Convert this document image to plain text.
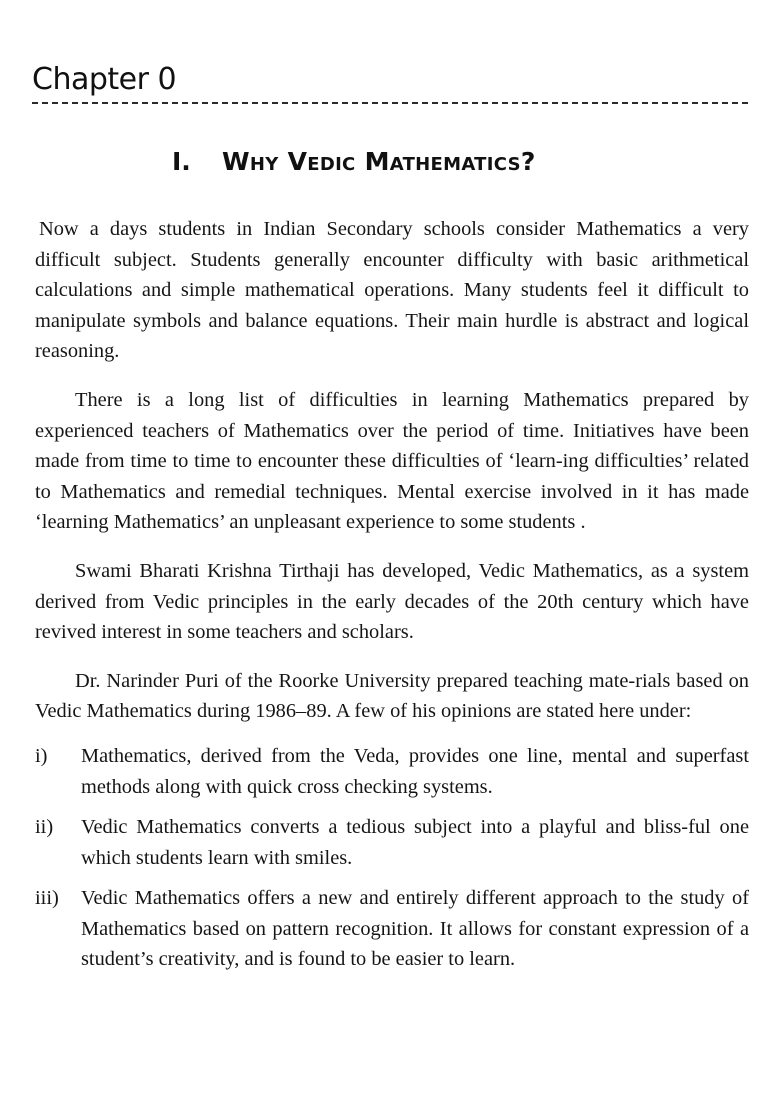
Chapter 0
I. Why Vedic Mathematics?

Now a days students in Indian Secondary schools consider Mathematics a very difficult subject. Students generally encounter difficulty with basic arithmetical calculations and simple mathematical operations. Many students feel it difficult to manipulate symbols and balance equations. Their main hurdle is abstract and logical reasoning.

There is a long list of difficulties in learning Mathematics prepared by experienced teachers of Mathematics over the period of time. Initiatives have been made from time to time to encounter these difficulties of ‘learn-ing difficulties’ related to Mathematics and remedial techniques. Mental exercise involved in it has made ‘learning Mathematics’ an unpleasant experience to some students .

Swami Bharati Krishna Tirthaji has developed, Vedic Mathematics, as a system derived from Vedic principles in the early decades of the 20th century which have revived interest in some teachers and scholars.

Dr. Narinder Puri of the Roorke University prepared teaching mate-rials based on Vedic Mathematics during 1986–89. A few of his opinions are stated here under:

i)	Mathematics, derived from the Veda, provides one line, mental and superfast methods along with quick cross checking systems.
ii)	Vedic Mathematics converts a tedious subject into a playful and bliss-ful one which students learn with smiles.
iii)	Vedic Mathematics offers a new and entirely different approach to the study of Mathematics based on pattern recognition. It allows for constant expression of a student’s creativity, and is found to be easier to learn.
